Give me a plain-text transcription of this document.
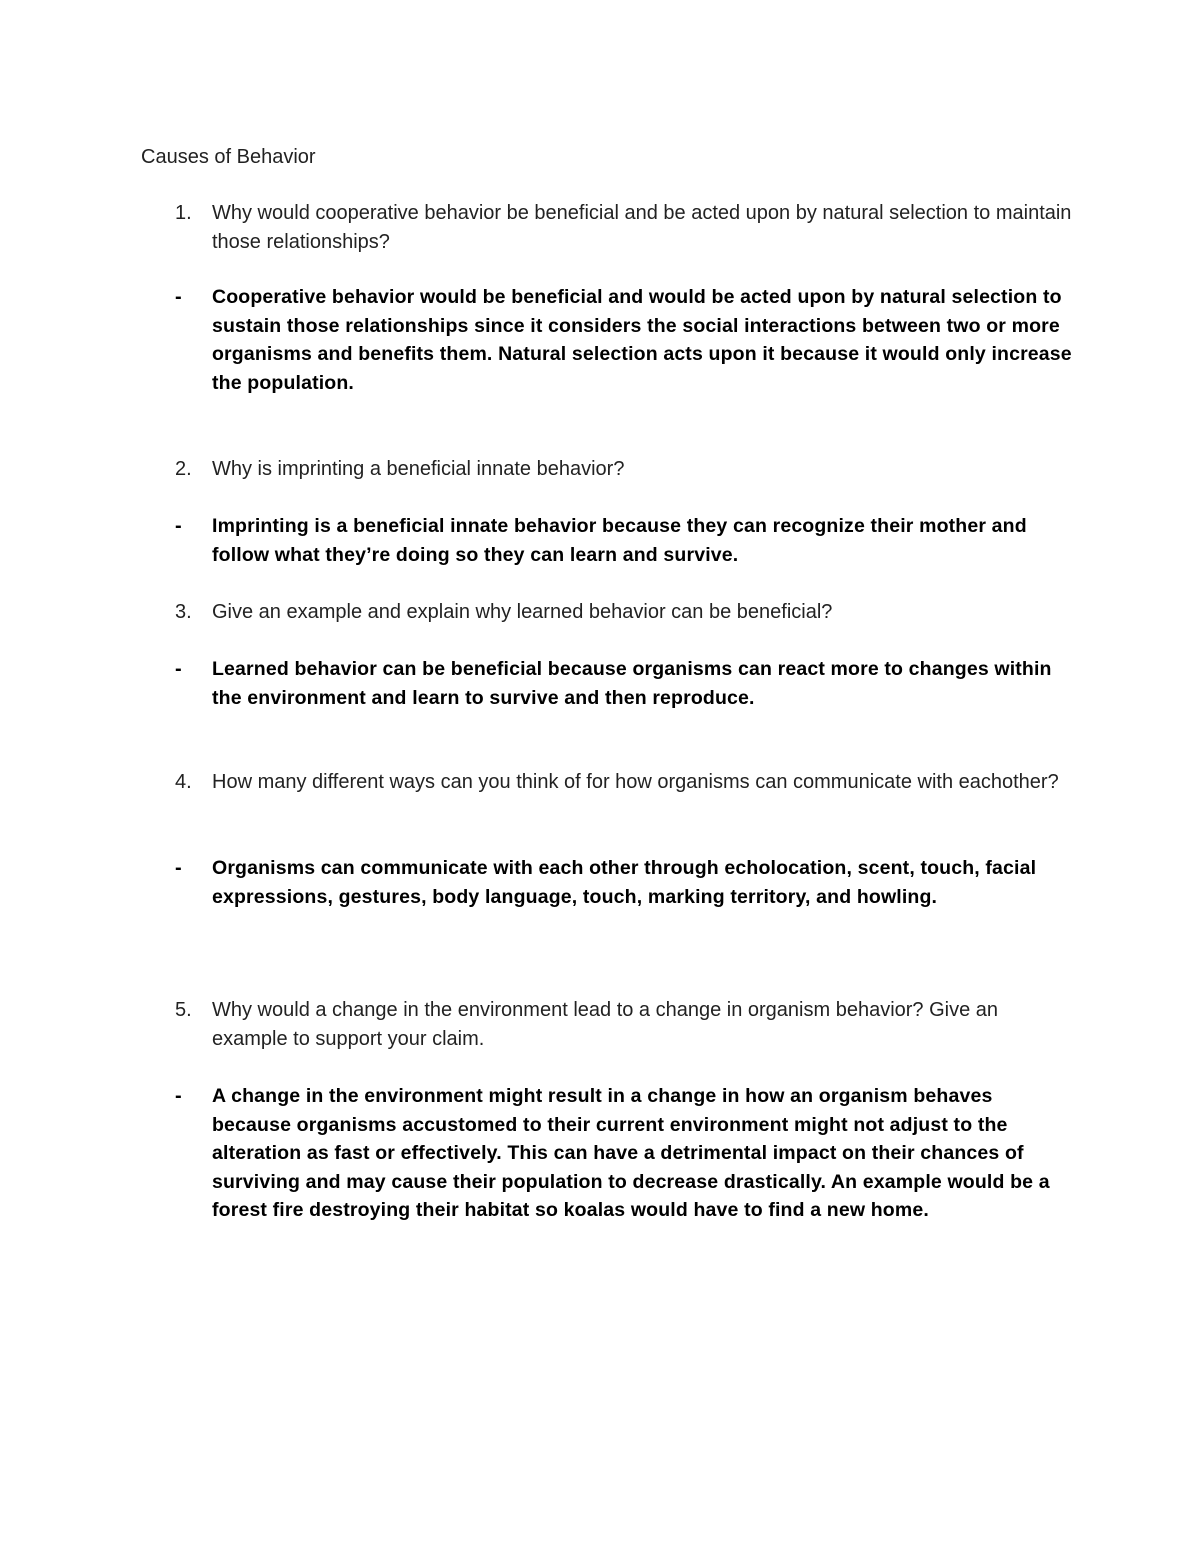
Causes of Behavior
1. Why would cooperative behavior be beneficial and be acted upon by natural selection to maintain those relationships?
- Cooperative behavior would be beneficial and would be acted upon by natural selection to sustain those relationships since it considers the social interactions between two or more organisms and benefits them. Natural selection acts upon it because it would only increase the population.
2. Why is imprinting a beneficial innate behavior?
- Imprinting is a beneficial innate behavior because they can recognize their mother and follow what they’re doing so they can learn and survive.
3. Give an example and explain why learned behavior can be beneficial?
- Learned behavior can be beneficial because organisms can react more to changes within the environment and learn to survive and then reproduce.
4. How many different ways can you think of for how organisms can communicate with eachother?
- Organisms can communicate with each other through echolocation, scent, touch, facial expressions, gestures, body language, touch, marking territory, and howling.
5. Why would a change in the environment lead to a change in organism behavior? Give an example to support your claim.
- A change in the environment might result in a change in how an organism behaves because organisms accustomed to their current environment might not adjust to the alteration as fast or effectively. This can have a detrimental impact on their chances of surviving and may cause their population to decrease drastically. An example would be a forest fire destroying their habitat so koalas would have to find a new home.
